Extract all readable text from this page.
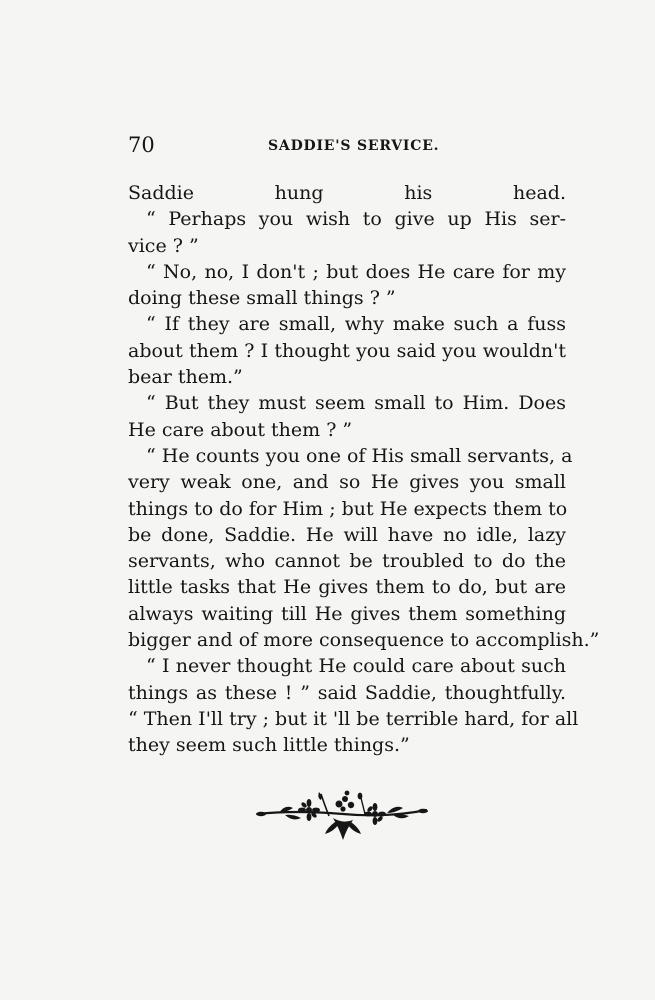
70	SADDIE'S SERVICE.
Saddie hung his head.
“ Perhaps you wish to give up His ser-
vice ? ”
“ No, no, I don't ; but does He care for my
doing these small things ? ”
“ If they are small, why make such a fuss
about them ? I thought you said you wouldn't
bear them.”
“ But they must seem small to Him. Does
He care about them ? ”
“ He counts you one of His small servants, a
very weak one, and so He gives you small
things to do for Him ; but He expects them to
be done, Saddie. He will have no idle, lazy
servants, who cannot be troubled to do the
little tasks that He gives them to do, but are
always waiting till He gives them something
bigger and of more consequence to accomplish.”
“ I never thought He could care about such
things as these ! ” said Saddie, thoughtfully.
“ Then I'll try ; but it 'll be terrible hard, for all
they seem such little things.”
